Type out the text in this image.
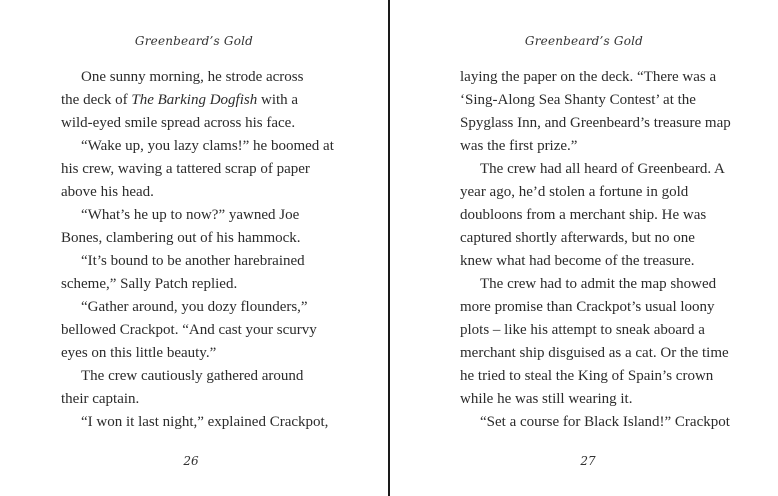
Greenbeard’s Gold
One sunny morning, he strode across
the deck of The Barking Dogfish with a
wild-eyed smile spread across his face.
“Wake up, you lazy clams!” he boomed at
his crew, waving a tattered scrap of paper
above his head.
“What’s he up to now?” yawned Joe
Bones, clambering out of his hammock.
“It’s bound to be another harebrained
scheme,” Sally Patch replied.
“Gather around, you dozy flounders,”
bellowed Crackpot. “And cast your scurvy
eyes on this little beauty.”
The crew cautiously gathered around
their captain.
“I won it last night,” explained Crackpot,
26
Greenbeard’s Gold
laying the paper on the deck. “There was a
‘Sing-Along Sea Shanty Contest’ at the
Spyglass Inn, and Greenbeard’s treasure map
was the first prize.”
The crew had all heard of Greenbeard. A
year ago, he’d stolen a fortune in gold
doubloons from a merchant ship. He was
captured shortly afterwards, but no one
knew what had become of the treasure.
The crew had to admit the map showed
more promise than Crackpot’s usual loony
plots – like his attempt to sneak aboard a
merchant ship disguised as a cat. Or the time
he tried to steal the King of Spain’s crown
while he was still wearing it.
“Set a course for Black Island!” Crackpot
27
